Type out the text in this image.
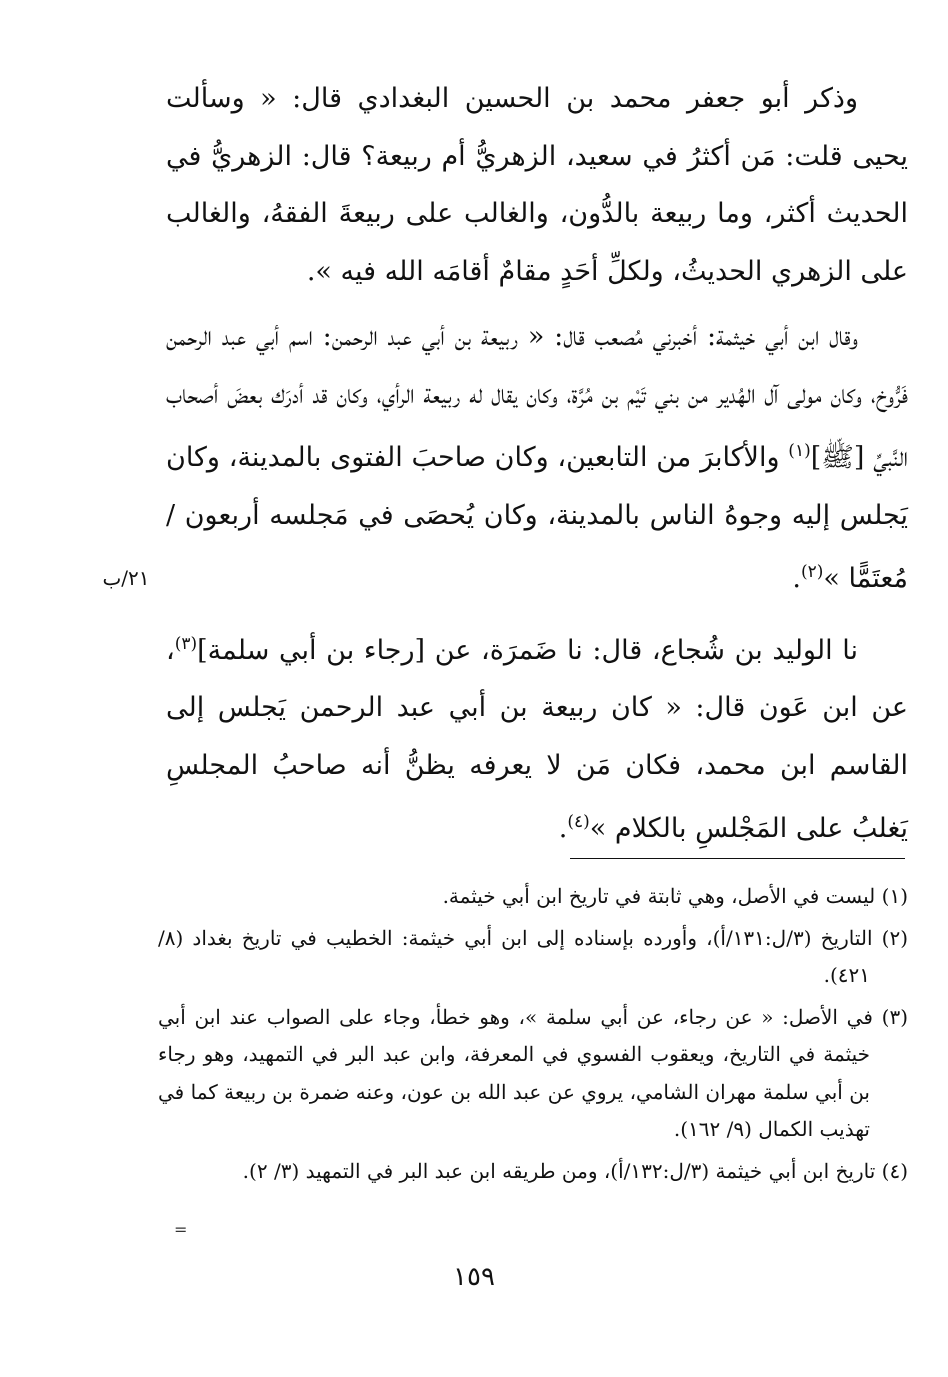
وذكر أبو جعفر محمد بن الحسين البغدادي قال: « وسألت يحيى قلت: مَن أكثرُ في سعيد، الزهريُّ أم ربيعة؟ قال: الزهريُّ في الحديث أكثر، وما ربيعة بالدُّون، والغالب على ربيعةَ الفقهُ، والغالب على الزهري الحديثُ، ولكلِّ أحَدٍ مقامٌ أقامَه الله فيه ».

وقال ابن أبي خيثمة: أخبرني مُصعب قال: « ربيعة بن أبي عبد الرحمن: اسم أبي عبد الرحمن فَرُّوخ، وكان مولى آل الهُدير من بني تَيْم بن مُرَّة، وكان يقال له ربيعة الرأي، وكان قد أدرَك بعضَ أصحاب النَّبيِّ [ﷺ]$^{(١)}$ والأكابرَ من التابعين، وكان صاحبَ الفتوى بالمدينة، وكان يَجلس إليه وجوهُ الناس بالمدينة، وكان يُحصَى في مَجلسه أربعون / مُعتَمًّا »$^{(٢)}$.

نا الوليد بن شُجاع، قال: نا ضَمرَة، عن [رجاء بن أبي سلمة]$^{(٣)}$، عن ابن عَون قال: « كان ربيعة بن أبي عبد الرحمن يَجلس إلى القاسم ابن محمد، فكان مَن لا يعرفه يظنُّ أنه صاحبُ المجلسِ يَغلبُ على المَجْلسِ بالكلام »$^{(٤)}$.

٢١/ب

(١) ليست في الأصل، وهي ثابتة في تاريخ ابن أبي خيثمة.

(٢) التاريخ (٣/ل:١٣١/أ)، وأورده بإسناده إلى ابن أبي خيثمة: الخطيب في تاريخ بغداد (٨/ ٤٢١).

(٣) في الأصل: « عن رجاء، عن أبي سلمة »، وهو خطأ، وجاء على الصواب عند ابن أبي خيثمة في التاريخ، ويعقوب الفسوي في المعرفة، وابن عبد البر في التمهيد، وهو رجاء بن أبي سلمة مهران الشامي، يروي عن عبد الله بن عون، وعنه ضمرة بن ربيعة كما في تهذيب الكمال (٩/ ١٦٢).

(٤) تاريخ ابن أبي خيثمة (٣/ل:١٣٢/أ)، ومن طريقه ابن عبد البر في التمهيد (٣/ ٢).

=
١٥٩
